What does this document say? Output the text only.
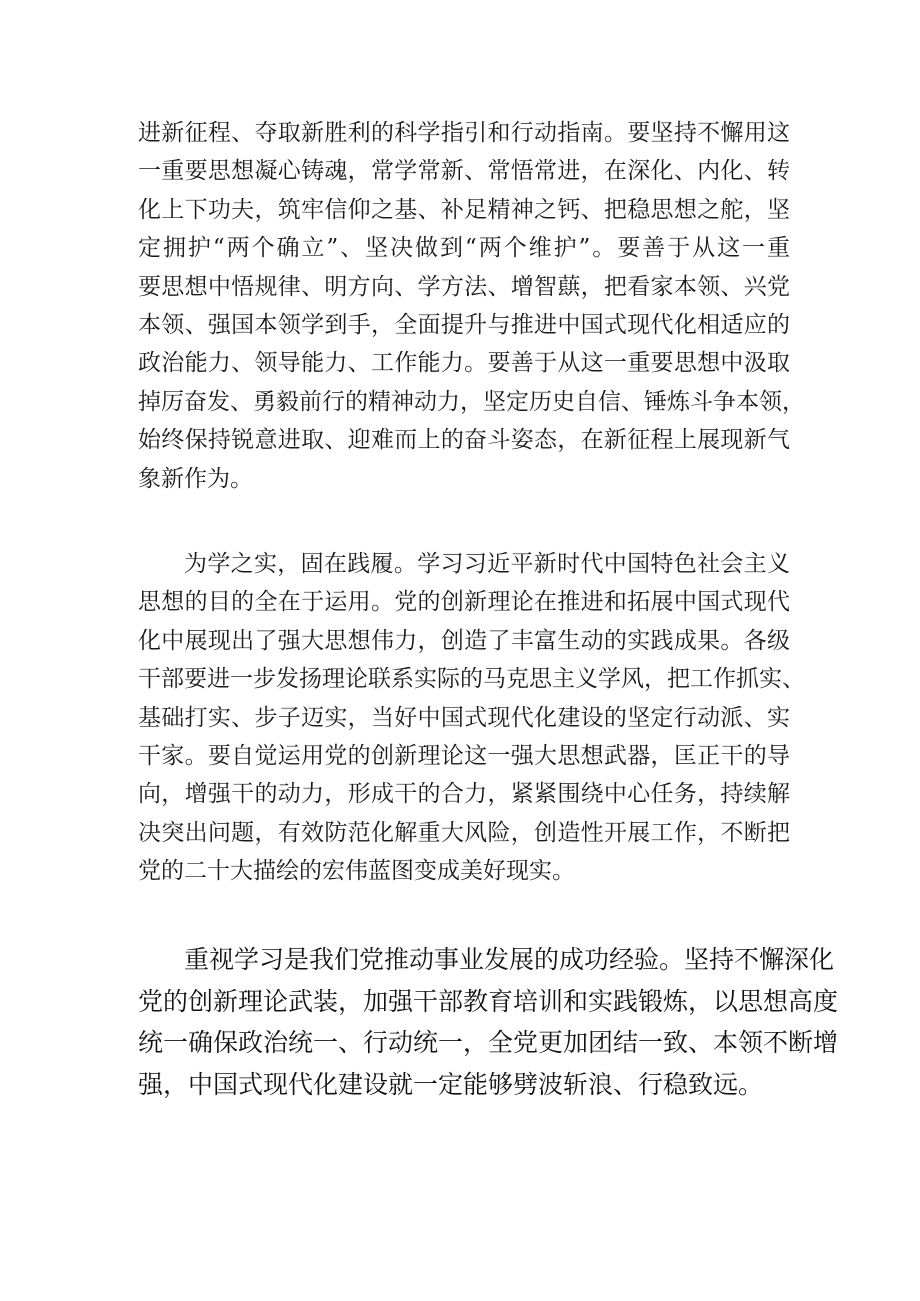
进新征程、夺取新胜利的科学指引和行动指南。要坚持不懈用这
一重要思想凝心铸魂，常学常新、常悟常进，在深化、内化、转
化上下功夫，筑牢信仰之基、补足精神之钙、把稳思想之舵，坚
定拥护“两个确立”、坚决做到“两个维护”。要善于从这一重
要思想中悟规律、明方向、学方法、增智蕻，把看家本领、兴党
本领、强国本领学到手，全面提升与推进中国式现代化相适应的
政治能力、领导能力、工作能力。要善于从这一重要思想中汲取
掉厉奋发、勇毅前行的精神动力，坚定历史自信、锤炼斗争本领，
始终保持锐意进取、迎难而上的奋斗姿态，在新征程上展现新气
象新作为。
为学之实，固在践履。学习习近平新时代中国特色社会主义
思想的目的全在于运用。党的创新理论在推进和拓展中国式现代
化中展现出了强大思想伟力，创造了丰富生动的实践成果。各级
干部要进一步发扬理论联系实际的马克思主义学风，把工作抓实、
基础打实、步子迈实，当好中国式现代化建设的坚定行动派、实
干家。要自觉运用党的创新理论这一强大思想武器，匡正干的导
向，增强干的动力，形成干的合力，紧紧围绕中心任务，持续解
决突出问题，有效防范化解重大风险，创造性开展工作，不断把
党的二十大描绘的宏伟蓝图变成美好现实。
重视学习是我们党推动事业发展的成功经验。坚持不懈深化
党的创新理论武装，加强干部教育培训和实践锻炼，以思想高度
统一确保政治统一、行动统一，全党更加团结一致、本领不断增
强，中国式现代化建设就一定能够劈波斩浪、行稳致远。
